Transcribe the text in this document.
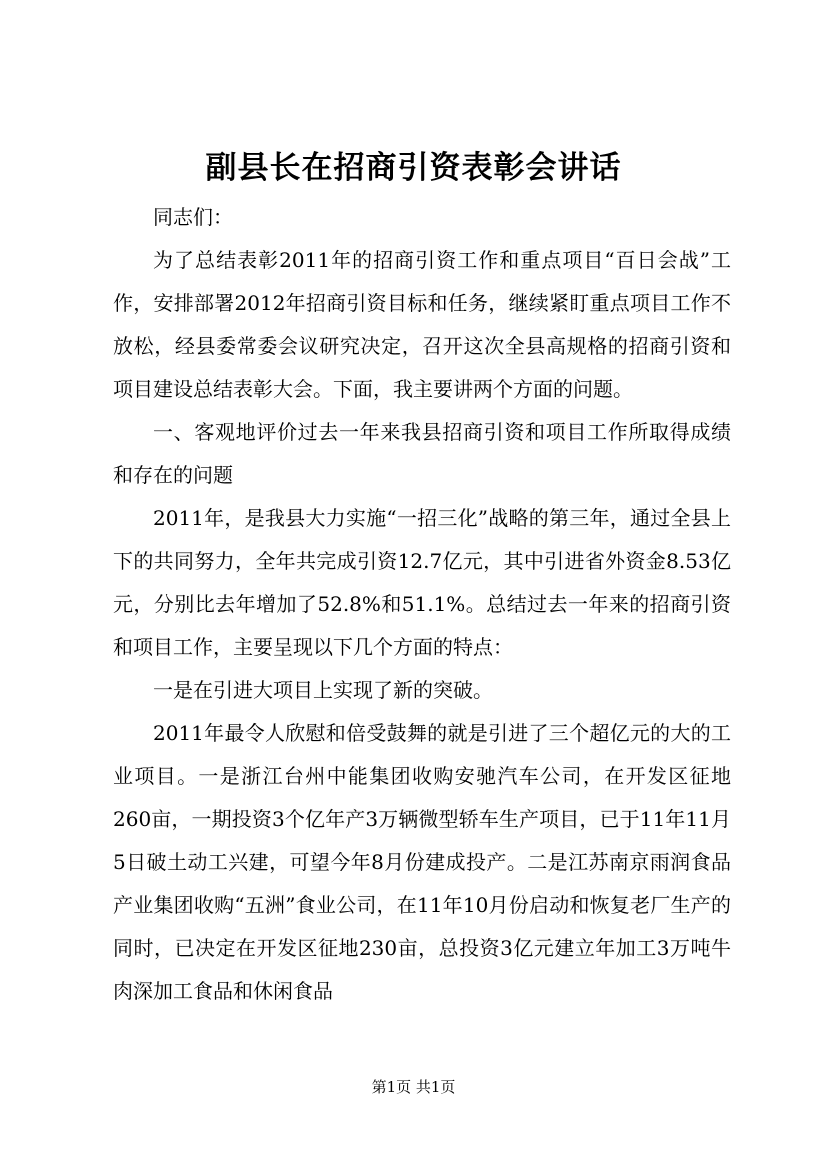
副县长在招商引资表彰会讲话

同志们：

为了总结表彰2011年的招商引资工作和重点项目“百日会战”工作，安排部署2012年招商引资目标和任务，继续紧盯重点项目工作不放松，经县委常委会议研究决定，召开这次全县高规格的招商引资和项目建设总结表彰大会。下面，我主要讲两个方面的问题。

一、客观地评价过去一年来我县招商引资和项目工作所取得成绩和存在的问题

2011年，是我县大力实施“一招三化”战略的第三年，通过全县上下的共同努力，全年共完成引资12.7亿元，其中引进省外资金8.53亿元，分别比去年增加了52.8%和51.1%。总结过去一年来的招商引资和项目工作，主要呈现以下几个方面的特点：

一是在引进大项目上实现了新的突破。

2011年最令人欣慰和倍受鼓舞的就是引进了三个超亿元的大的工业项目。一是浙江台州中能集团收购安驰汽车公司，在开发区征地260亩，一期投资3个亿年产3万辆微型轿车生产项目，已于11年11月5日破土动工兴建，可望今年8月份建成投产。二是江苏南京雨润食品产业集团收购“五洲”食业公司，在11年10月份启动和恢复老厂生产的同时，已决定在开发区征地230亩，总投资3亿元建立年加工3万吨牛肉深加工食品和休闲食品

第1页 共1页
